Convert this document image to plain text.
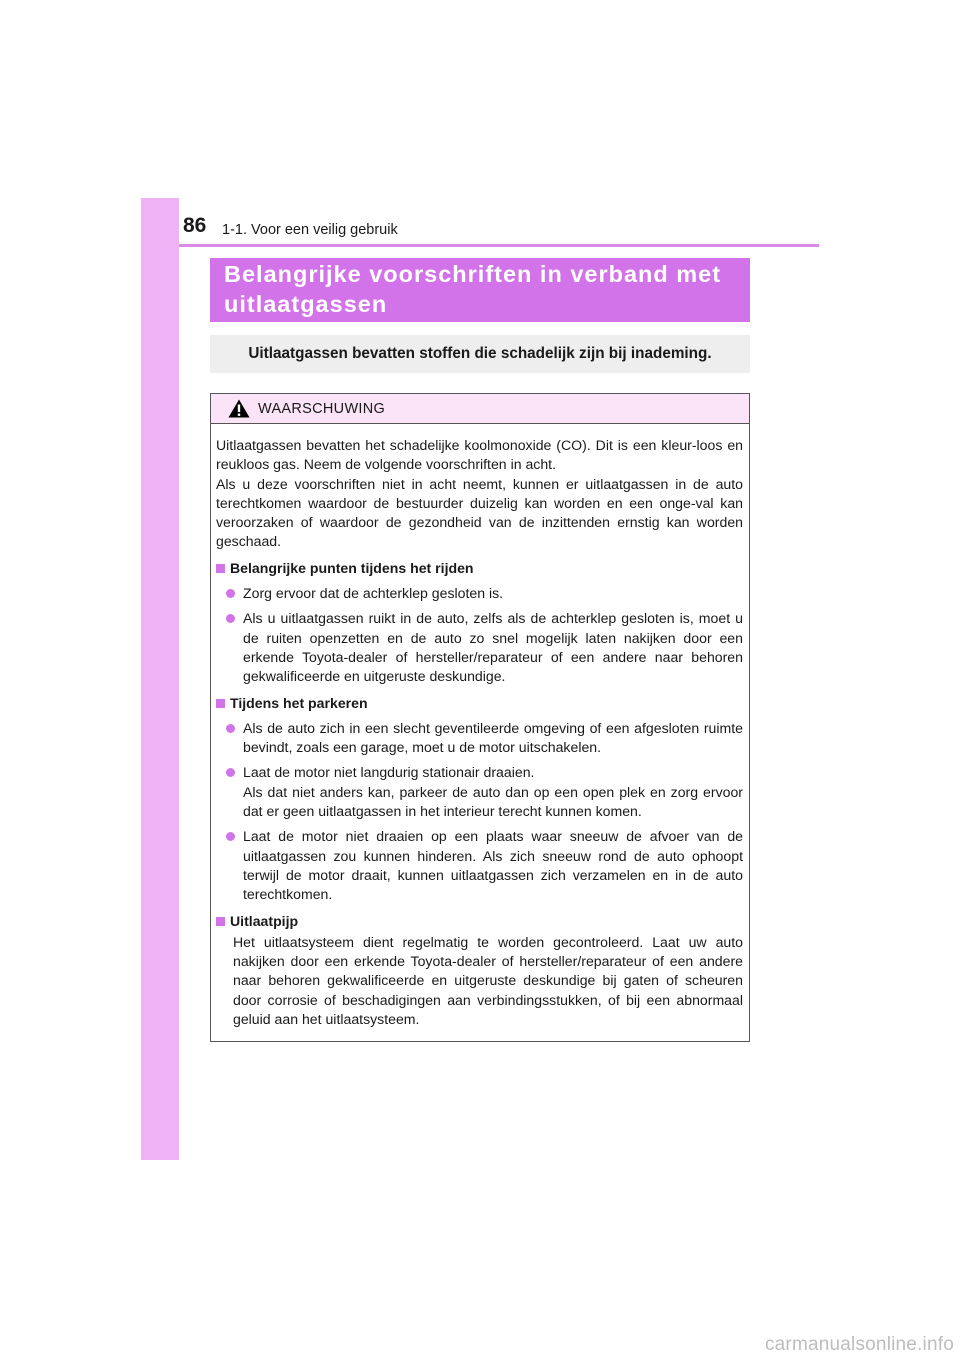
86 1-1. Voor een veilig gebruik
Belangrijke voorschriften in verband met
uitlaatgassen
Uitlaatgassen bevatten stoffen die schadelijk zijn bij inademing.
WAARSCHUWING

Uitlaatgassen bevatten het schadelijke koolmonoxide (CO). Dit is een kleur-loos en reukloos gas. Neem de volgende voorschriften in acht.

Als u deze voorschriften niet in acht neemt, kunnen er uitlaatgassen in de auto terechtkomen waardoor de bestuurder duizelig kan worden en een onge-val kan veroorzaken of waardoor de gezondheid van de inzittenden ernstig kan worden geschaad.

Belangrijke punten tijdens het rijden

Zorg ervoor dat de achterklep gesloten is.

Als u uitlaatgassen ruikt in de auto, zelfs als de achterklep gesloten is, moet u de ruiten openzetten en de auto zo snel mogelijk laten nakijken door een erkende Toyota-dealer of hersteller/reparateur of een andere naar behoren gekwalificeerde en uitgeruste deskundige.

Tijdens het parkeren

Als de auto zich in een slecht geventileerde omgeving of een afgesloten ruimte bevindt, zoals een garage, moet u de motor uitschakelen.

Laat de motor niet langdurig stationair draaien.

Als dat niet anders kan, parkeer de auto dan op een open plek en zorg ervoor dat er geen uitlaatgassen in het interieur terecht kunnen komen.

Laat de motor niet draaien op een plaats waar sneeuw de afvoer van de uitlaatgassen zou kunnen hinderen. Als zich sneeuw rond de auto ophoopt terwijl de motor draait, kunnen uitlaatgassen zich verzamelen en in de auto terechtkomen.

Uitlaatpijp

Het uitlaatsysteem dient regelmatig te worden gecontroleerd. Laat uw auto nakijken door een erkende Toyota-dealer of hersteller/reparateur of een andere naar behoren gekwalificeerde en uitgeruste deskundige bij gaten of scheuren door corrosie of beschadigingen aan verbindingsstukken, of bij een abnormaal geluid aan het uitlaatsysteem.

carmanualsonline.info
